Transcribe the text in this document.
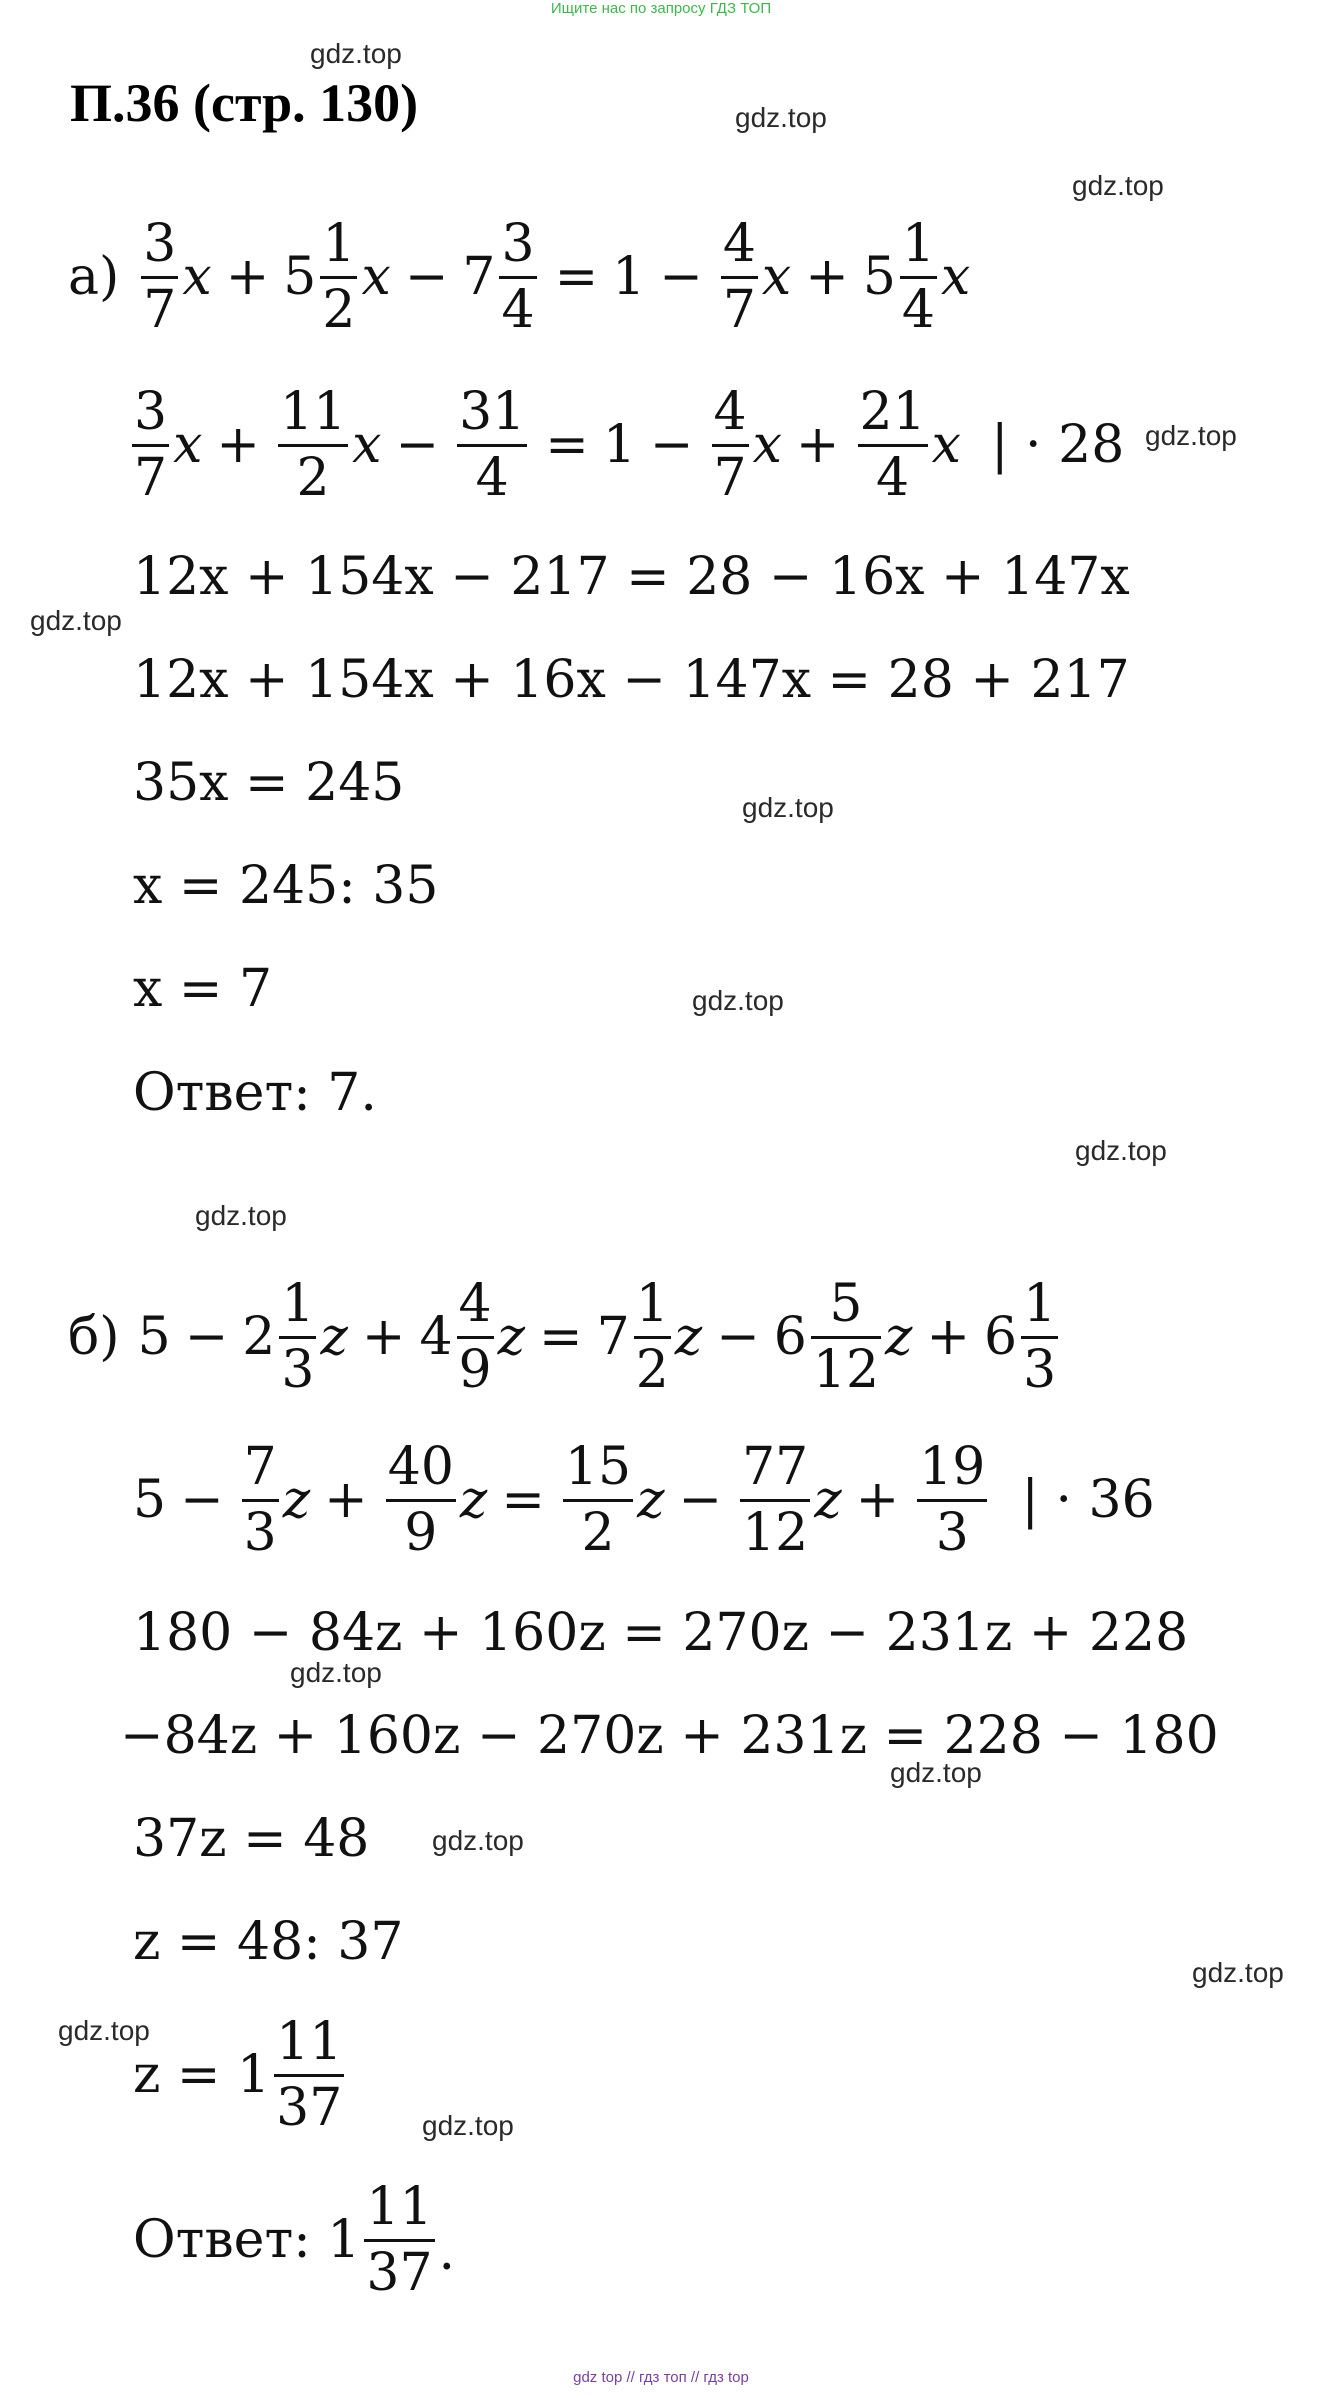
Ищите нас по запросу ГДЗ ТОП
П.36 (стр. 130)
gdz.top
gdz.top
gdz.top
gdz.top
gdz.top
gdz.top
gdz.top
gdz.top
gdz.top
gdz.top
gdz.top
gdz.top
gdz.top
gdz.top
gdz.top
$а) \frac{3}{7}$ $x + 5 \frac{1}{2}$ $x - 7 \frac{3}{4} = 1 - \frac{4}{7}$ $x + 5 \frac{1}{4}$ x
$\frac{3}{7}$ $x + \frac{11}{2}$ $x - \frac{31}{4} = 1 - \frac{4}{7}$ $x + \frac{21}{4}$ x | · 28
12x + 154x − 217 = 28 − 16x + 147x
12x + 154x + 16x − 147x = 28 + 217
35x = 245
x = 245: 35
x = 7
Ответ: 7.
б) $5 - 2 \frac{1}{3}$ $z + 4 \frac{4}{9}$ $z = 7 \frac{1}{2}$ $z - 6 \frac{5}{12}$ $z + 6 \frac{1}{3}$
$5 - \frac{7}{3}$ $z + \frac{40}{9}$ $z = \frac{15}{2}$ $z - \frac{77}{12}$ $z + \frac{19}{3}$ | · 36
180 − 84z + 160z = 270z − 231z + 228
−84z + 160z − 270z + 231z = 228 − 180
37z = 48
z = 48: 37
$z = 1 \frac{11}{37}$
Ответ: $1 \frac{11}{37}$ .
gdz top // гдз топ // гдз top
